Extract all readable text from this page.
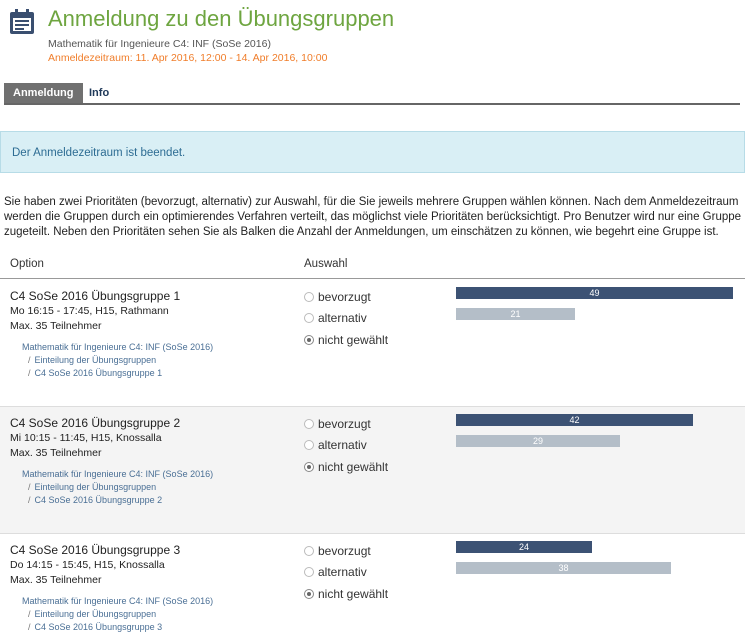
Anmeldung zu den Übungsgruppen
Mathematik für Ingenieure C4: INF (SoSe 2016)
Anmeldezeitraum: 11. Apr 2016, 12:00 - 14. Apr 2016, 10:00
Anmeldung	Info
Der Anmeldezeitraum ist beendet.
Sie haben zwei Prioritäten (bevorzugt, alternativ) zur Auswahl, für die Sie jeweils mehrere Gruppen wählen können. Nach dem Anmeldezeitraum werden die Gruppen durch ein optimierendes Verfahren verteilt, das möglichst viele Prioritäten berücksichtigt. Pro Benutzer wird nur eine Gruppe zugeteilt. Neben den Prioritäten sehen Sie als Balken die Anzahl der Anmeldungen, um einschätzen zu können, wie begehrt eine Gruppe ist.
Option	Auswahl
C4 SoSe 2016 Übungsgruppe 1
Mo 16:15 - 17:45, H15, Rathmann
Max. 35 Teilnehmer
Mathematik für Ingenieure C4: INF (SoSe 2016)
/ Einteilung der Übungsgruppen
/ C4 SoSe 2016 Übungsgruppe 1
bevorzugt
alternativ
nicht gewählt
49
21
C4 SoSe 2016 Übungsgruppe 2
Mi 10:15 - 11:45, H15, Knossalla
Max. 35 Teilnehmer
Mathematik für Ingenieure C4: INF (SoSe 2016)
/ Einteilung der Übungsgruppen
/ C4 SoSe 2016 Übungsgruppe 2
bevorzugt
alternativ
nicht gewählt
42
29
C4 SoSe 2016 Übungsgruppe 3
Do 14:15 - 15:45, H15, Knossalla
Max. 35 Teilnehmer
Mathematik für Ingenieure C4: INF (SoSe 2016)
/ Einteilung der Übungsgruppen
/ C4 SoSe 2016 Übungsgruppe 3
bevorzugt
alternativ
nicht gewählt
24
38
